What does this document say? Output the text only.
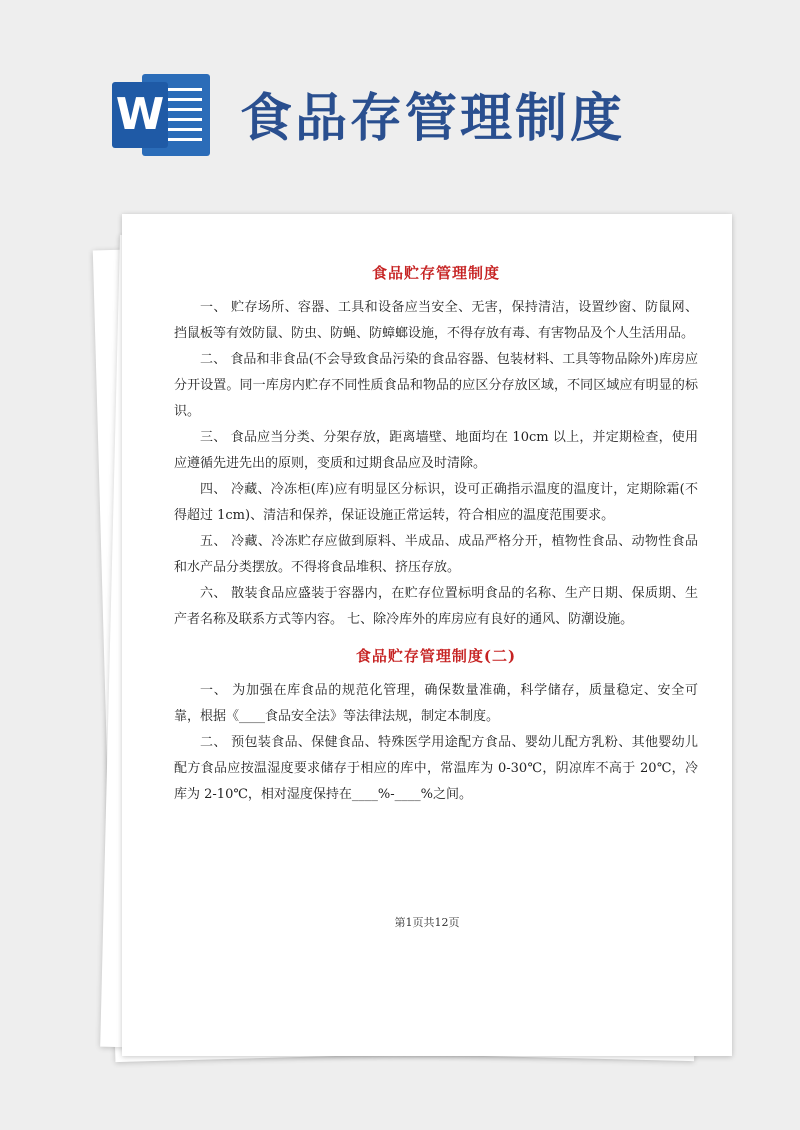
W 食品存管理制度
食品贮存管理制度

一、 贮存场所、容器、工具和设备应当安全、无害，保持清洁，设置纱窗、防鼠网、挡鼠板等有效防鼠、防虫、防蝇、防蟑螂设施，不得存放有毒、有害物品及个人生活用品。

二、 食品和非食品(不会导致食品污染的食品容器、包装材料、工具等物品除外)库房应分开设置。同一库房内贮存不同性质食品和物品的应区分存放区域，不同区域应有明显的标识。

三、 食品应当分类、分架存放，距离墙壁、地面均在 10cm 以上，并定期检查，使用应遵循先进先出的原则，变质和过期食品应及时清除。

四、 冷藏、冷冻柜(库)应有明显区分标识，设可正确指示温度的温度计，定期除霜(不得超过 1cm)、清洁和保养，保证设施正常运转，符合相应的温度范围要求。

五、 冷藏、冷冻贮存应做到原料、半成品、成品严格分开，植物性食品、动物性食品和水产品分类摆放。不得将食品堆积、挤压存放。

六、 散装食品应盛装于容器内，在贮存位置标明食品的名称、生产日期、保质期、生产者名称及联系方式等内容。 七、除冷库外的库房应有良好的通风、防潮设施。

食品贮存管理制度(二)

一、 为加强在库食品的规范化管理，确保数量准确，科学储存，质量稳定、安全可靠，根据《____食品安全法》等法律法规，制定本制度。

二、 预包装食品、保健食品、特殊医学用途配方食品、婴幼儿配方乳粉、其他婴幼儿配方食品应按温湿度要求储存于相应的库中，常温库为 0-30℃，阴凉库不高于 20℃，冷库为 2-10℃，相对湿度保持在____%-____%之间。

第1页共12页
